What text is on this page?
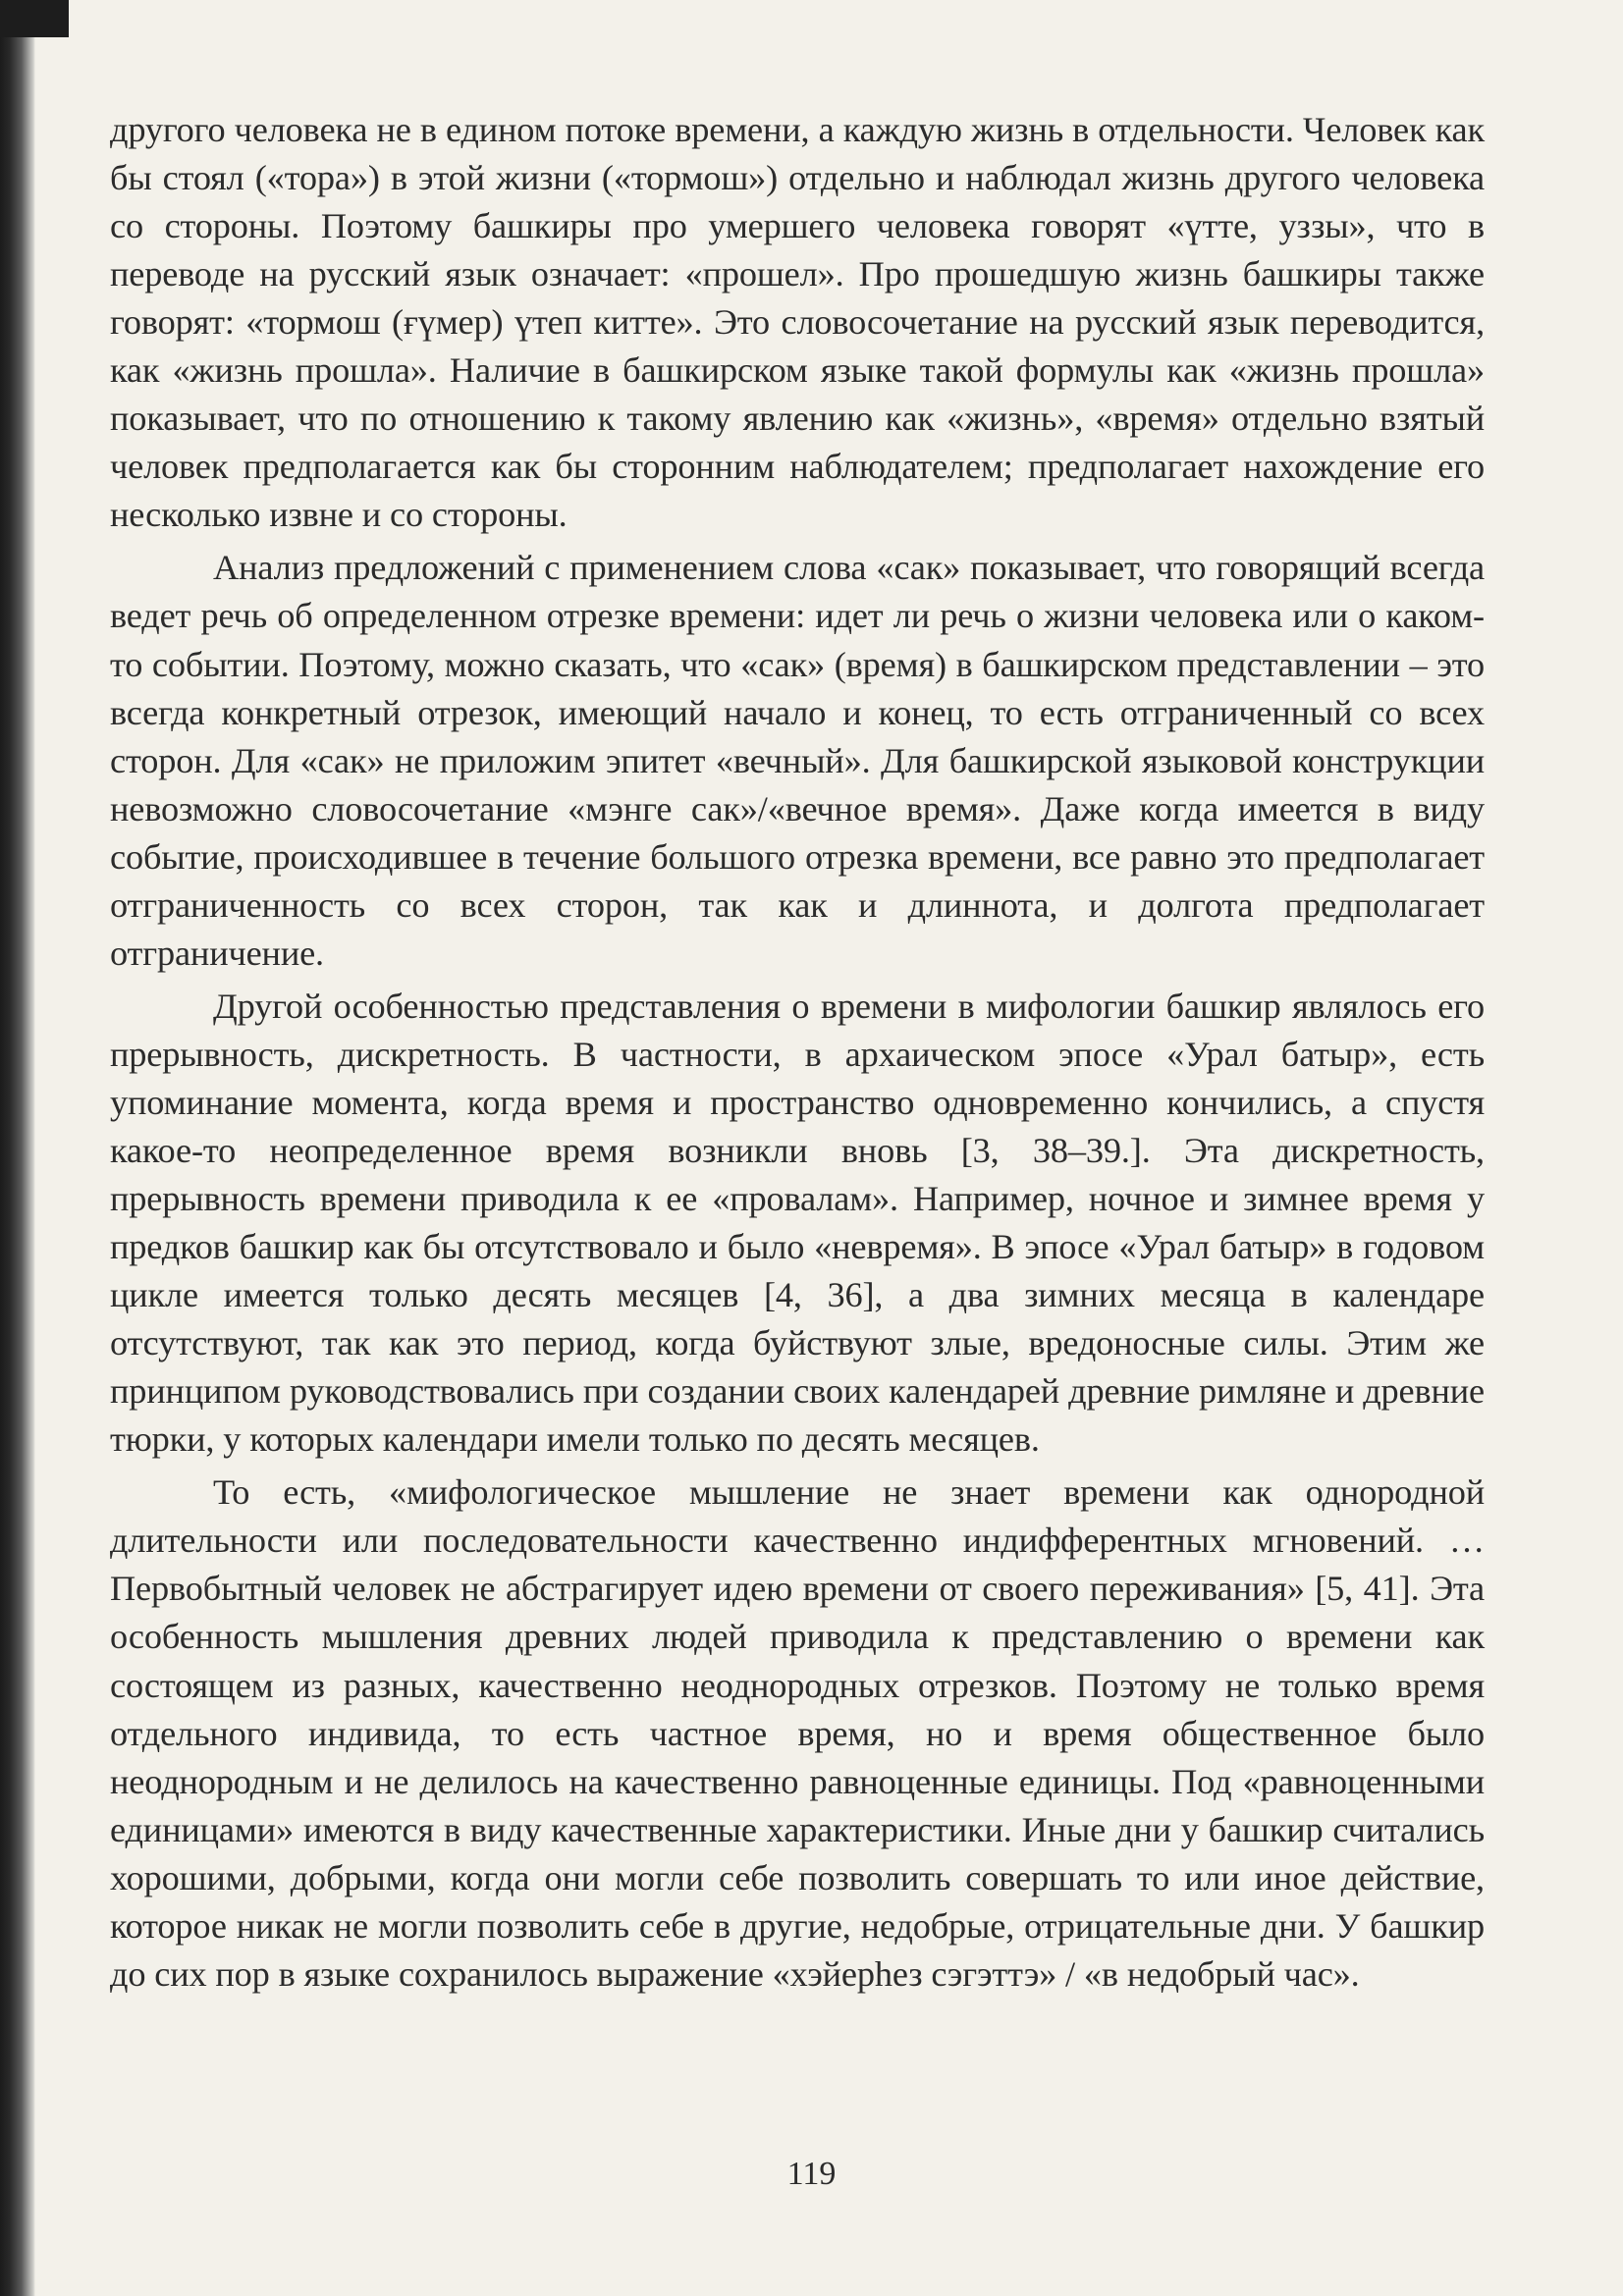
другого человека не в едином потоке времени, а каждую жизнь в отдельности. Человек как бы стоял («тора») в этой жизни («тормош») отдельно и наблюдал жизнь другого человека со стороны. Поэтому башкиры про умершего человека говорят «үтте, уззы», что в переводе на русский язык означает: «прошел». Про прошедшую жизнь башкиры также говорят: «тормош (ғүмер) үтеп китте». Это словосочетание на русский язык переводится, как «жизнь прошла». Наличие в башкирском языке такой формулы как «жизнь прошла» показывает, что по отношению к такому явлению как «жизнь», «время» отдельно взятый человек предполагается как бы сторонним наблюдателем; предполагает нахождение его несколько извне и со стороны.

Анализ предложений с применением слова «сак» показывает, что говорящий всегда ведет речь об определенном отрезке времени: идет ли речь о жизни человека или о каком-то событии. Поэтому, можно сказать, что «сак» (время) в башкирском представлении – это всегда конкретный отрезок, имеющий начало и конец, то есть отграниченный со всех сторон. Для «сак» не приложим эпитет «вечный». Для башкирской языковой конструкции невозможно словосочетание «мэнге сак»/«вечное время». Даже когда имеется в виду событие, происходившее в течение большого отрезка времени, все равно это предполагает отграниченность со всех сторон, так как и длиннота, и долгота предполагает отграничение.

Другой особенностью представления о времени в мифологии башкир являлось его прерывность, дискретность. В частности, в архаическом эпосе «Урал батыр», есть упоминание момента, когда время и пространство одновременно кончились, а спустя какое-то неопределенное время возникли вновь [3, 38–39.]. Эта дискретность, прерывность времени приводила к ее «провалам». Например, ночное и зимнее время у предков башкир как бы отсутствовало и было «невремя». В эпосе «Урал батыр» в годовом цикле имеется только десять месяцев [4, 36], а два зимних месяца в календаре отсутствуют, так как это период, когда буйствуют злые, вредоносные силы. Этим же принципом руководствовались при создании своих календарей древние римляне и древние тюрки, у которых календари имели только по десять месяцев.

То есть, «мифологическое мышление не знает времени как однородной длительности или последовательности качественно индифферентных мгновений. … Первобытный человек не абстрагирует идею времени от своего переживания» [5, 41]. Эта особенность мышления древних людей приводила к представлению о времени как состоящем из разных, качественно неоднородных отрезков. Поэтому не только время отдельного индивида, то есть частное время, но и время общественное было неоднородным и не делилось на качественно равноценные единицы. Под «равноценными единицами» имеются в виду качественные характеристики. Иные дни у башкир считались хорошими, добрыми, когда они могли себе позволить совершать то или иное действие, которое никак не могли позволить себе в другие, недобрые, отрицательные дни. У башкир до сих пор в языке сохранилось выражение «хэйерhез сэгэттэ» / «в недобрый час».

119
